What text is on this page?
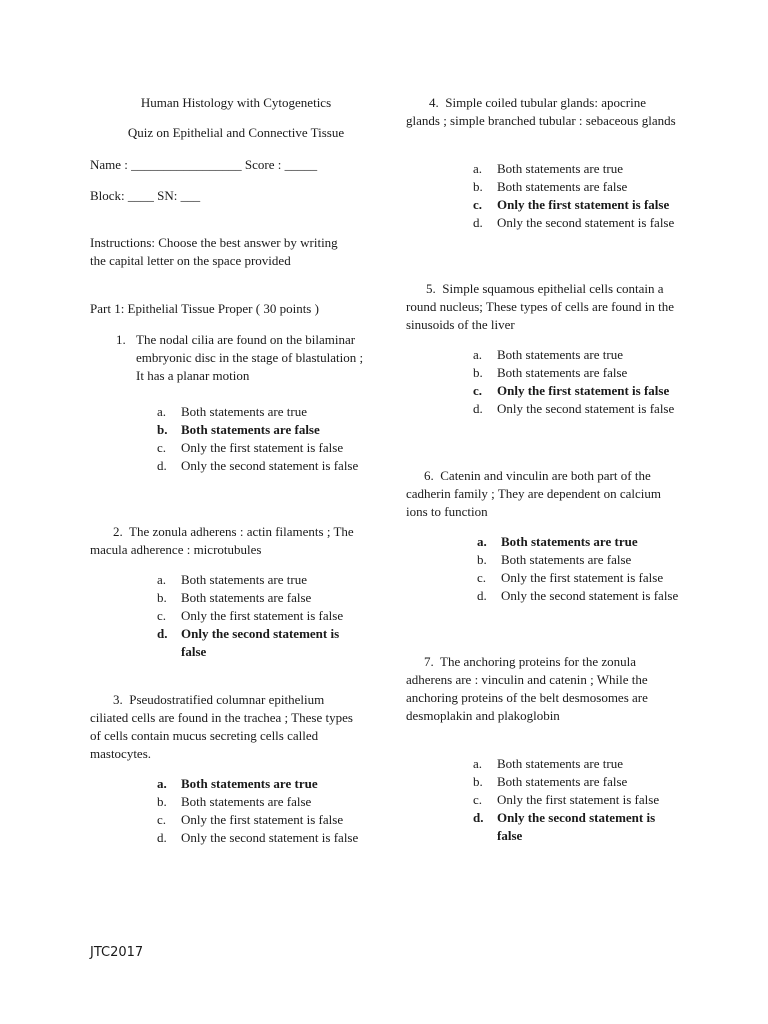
Human Histology with Cytogenetics
Quiz on Epithelial and Connective Tissue
Name : _________________ Score : _____
Block: ____ SN: ___
Instructions: Choose the best answer by writing the capital letter on the space provided
Part 1: Epithelial Tissue Proper ( 30 points )
1. The nodal cilia are found on the bilaminar embryonic disc in the stage of blastulation ; It has a planar motion
a. Both statements are true
b. Both statements are false
c. Only the first statement is false
d. Only the second statement is false
2. The zonula adherens : actin filaments ; The macula adherence : microtubules
a. Both statements are true
b. Both statements are false
c. Only the first statement is false
d. Only the second statement is false
3. Pseudostratified columnar epithelium ciliated cells are found in the trachea ; These types of cells contain mucus secreting cells called mastocytes.
a. Both statements are true
b. Both statements are false
c. Only the first statement is false
d. Only the second statement is false
4. Simple coiled tubular glands: apocrine glands ; simple branched tubular : sebaceous glands
a. Both statements are true
b. Both statements are false
c. Only the first statement is false
d. Only the second statement is false
5. Simple squamous epithelial cells contain a round nucleus; These types of cells are found in the sinusoids of the liver
a. Both statements are true
b. Both statements are false
c. Only the first statement is false
d. Only the second statement is false
6. Catenin and vinculin are both part of the cadherin family ; They are dependent on calcium ions to function
a. Both statements are true
b. Both statements are false
c. Only the first statement is false
d. Only the second statement is false
7. The anchoring proteins for the zonula adherens are : vinculin and catenin ; While the anchoring proteins of the belt desmosomes are desmoplakin and plakoglobin
a. Both statements are true
b. Both statements are false
c. Only the first statement is false
d. Only the second statement is false
JTC2017
